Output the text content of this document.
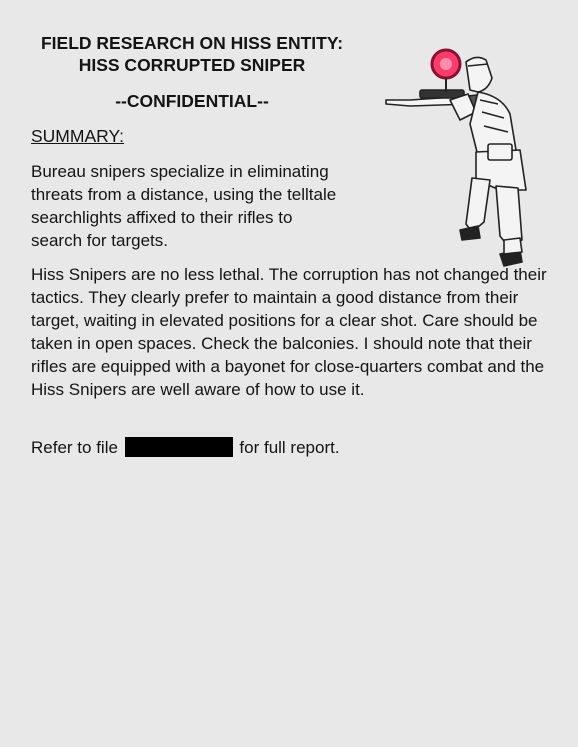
FIELD RESEARCH ON HISS ENTITY:
HISS CORRUPTED SNIPER
--CONFIDENTIAL--
SUMMARY:

Bureau snipers specialize in eliminating threats from a distance, using the telltale searchlights affixed to their rifles to search for targets.

Hiss Snipers are no less lethal. The corruption has not changed their tactics. They clearly prefer to maintain a good distance from their target, waiting in elevated positions for a clear shot. Care should be taken in open spaces. Check the balconies. I should note that their rifles are equipped with a bayonet for close-quarters combat and the Hiss Snipers are well aware of how to use it.

Refer to file	for full report.
